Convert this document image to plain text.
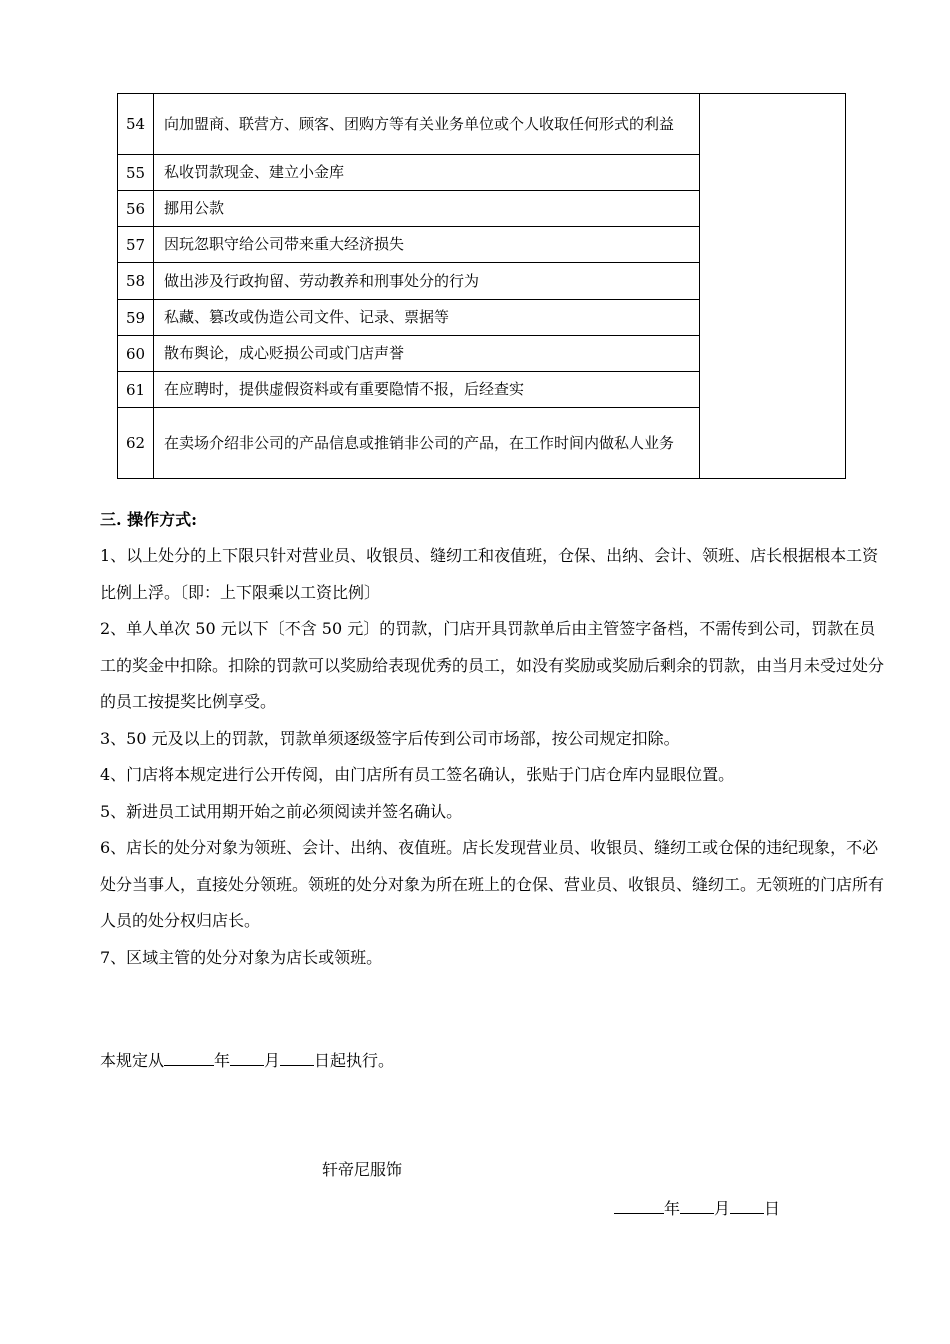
54	向加盟商、联营方、顾客、团购方等有关业务单位或个人收取任何形式的利益	
55	私收罚款现金、建立小金库	
56	挪用公款	
57	因玩忽职守给公司带来重大经济损失	
58	做出涉及行政拘留、劳动教养和刑事处分的行为	
59	私藏、篡改或伪造公司文件、记录、票据等	
60	散布舆论，成心贬损公司或门店声誉	
61	在应聘时，提供虚假资料或有重要隐情不报，后经查实	
62	在卖场介绍非公司的产品信息或推销非公司的产品，在工作时间内做私人业务	
三. 操作方式:
1、以上处分的上下限只针对营业员、收银员、缝纫工和夜值班，仓保、出纳、会计、领班、店长根据根本工资比例上浮。〔即：上下限乘以工资比例〕
2、单人单次 50 元以下〔不含 50 元〕的罚款，门店开具罚款单后由主管签字备档，不需传到公司，罚款在员工的奖金中扣除。扣除的罚款可以奖励给表现优秀的员工，如没有奖励或奖励后剩余的罚款，由当月未受过处分的员工按提奖比例享受。
3、50 元及以上的罚款，罚款单须逐级签字后传到公司市场部，按公司规定扣除。
4、门店将本规定进行公开传阅，由门店所有员工签名确认，张贴于门店仓库内显眼位置。
5、新进员工试用期开始之前必须阅读并签名确认。
6、店长的处分对象为领班、会计、出纳、夜值班。店长发现营业员、收银员、缝纫工或仓保的违纪现象，不必处分当事人，直接处分领班。领班的处分对象为所在班上的仓保、营业员、收银员、缝纫工。无领班的门店所有人员的处分权归店长。
7、区域主管的处分对象为店长或领班。

本规定从	年 月 日起执行。

轩帝尼服饰

年 月 日
